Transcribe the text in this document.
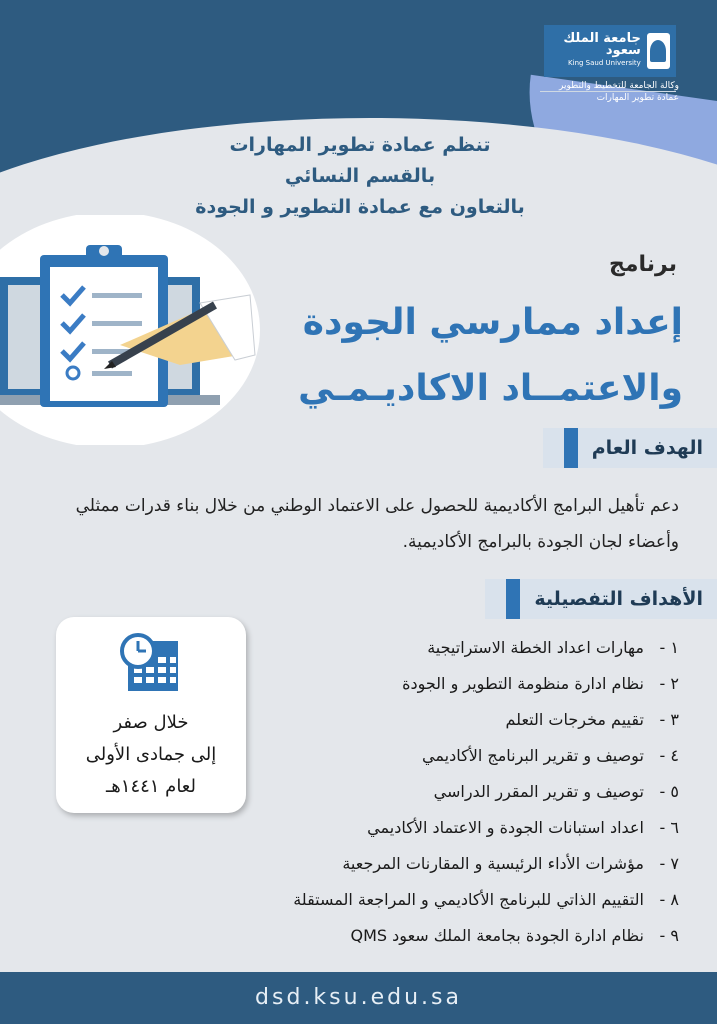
جامعة الملك سعود
King Saud University
وكالة الجامعة للتخطيط والتطوير
عمادة تطوير المهارات
تنظم عمادة تطوير المهارات
بالقسم النسائي
بالتعاون مع عمادة التطوير و الجودة
برنامج
إعداد ممارسي الجودة
والاعتمــاد الاكاديـمـي
الهدف العام
دعم تأهيل البرامج الأكاديمية للحصول على الاعتماد الوطني من خلال بناء قدرات ممثلي وأعضاء لجان الجودة بالبرامج الأكاديمية.
الأهداف التفصيلية
١ - مهارات اعداد الخطة الاستراتيجية
٢ - نظام ادارة منظومة التطوير و الجودة
٣ - تقييم مخرجات التعلم
٤ - توصيف و تقرير البرنامج الأكاديمي
٥ - توصيف و تقرير المقرر الدراسي
٦ - اعداد استبانات الجودة و الاعتماد الأكاديمي
٧ - مؤشرات الأداء الرئيسية و المقارنات المرجعية
٨ - التقييم الذاتي للبرنامج الأكاديمي و المراجعة المستقلة
٩ - نظام ادارة الجودة بجامعة الملك سعود QMS
خلال صفر
إلى جمادى الأولى
لعام ١٤٤١هـ
dsd.ksu.edu.sa
